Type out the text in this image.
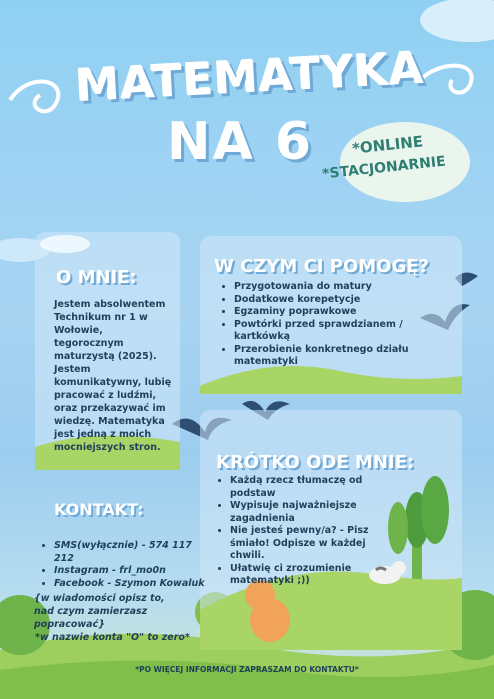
MATEMATYKA
NA 6	*ONLINE
*STACJONARNIE
O MNIE:
Jestem absolwentem Technikum nr 1 w Wołowie, tegorocznym maturzystą (2025). Jestem komunikatywny, lubię pracować z ludźmi, oraz przekazywać im wiedzę. Matematyka jest jedną z moich mocniejszych stron.
W CZYM CI POMOGĘ?
• Przygotowania do matury
• Dodatkowe korepetycje
• Egzaminy poprawkowe
• Powtórki przed sprawdzianem / kartkówką
• Przerobienie konkretnego działu matematyki
KRÓTKO ODE MNIE:
• Każdą rzecz tłumaczę od podstaw
• Wypisuje najważniejsze zagadnienia
• Nie jesteś pewny/a? - Pisz śmiało! Odpisze w każdej chwili.
• Ułatwię ci zrozumienie matematyki ;))
KONTAKT:
• SMS(wyłącznie) - 574 117 212
• Instagram - frl_mo0n
• Facebook - Szymon Kowaluk
{w wiadomości opisz to, nad czym zamierzasz popracować}
*w nazwie konta "O" to zero*
*PO WIĘCEJ INFORMACJI ZAPRASZAM DO KONTAKTU*
